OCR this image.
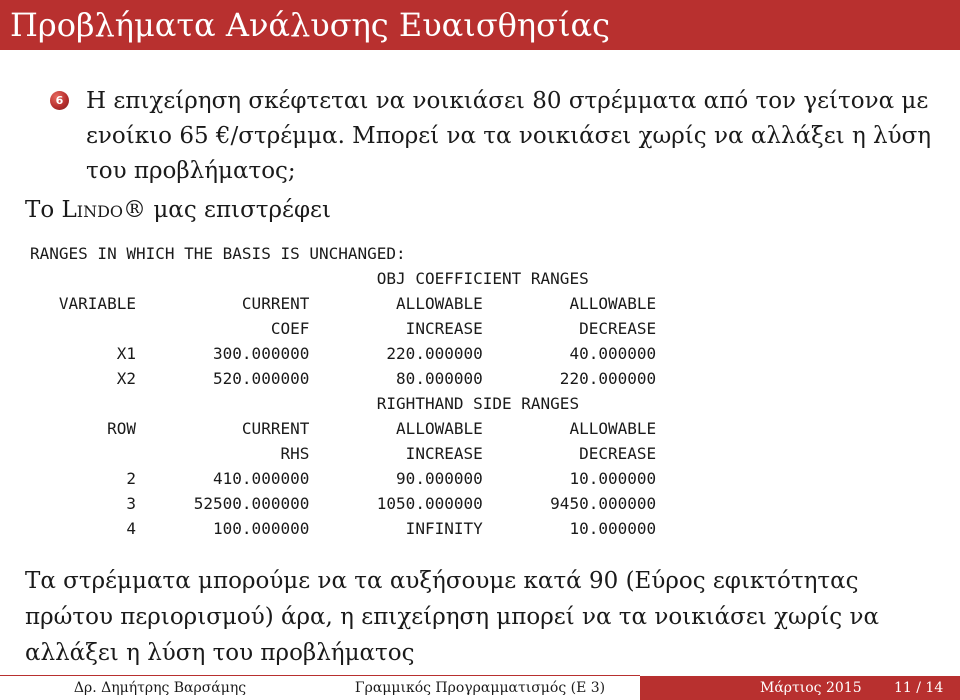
Προβλήματα Ανάλυσης Ευαισθησίας
6 Η επιχείρηση σκέφτεται να νοικιάσει 80 στρέμματα από τον γείτονα με ενοίκιο 65 €/στρέμμα. Μπορεί να τα νοικιάσει χωρίς να αλλάξει η λύση του προβλήματος;
Το Lindo® μας επιστρέφει
RANGES IN WHICH THE BASIS IS UNCHANGED:
OBJ COEFFICIENT RANGES
VARIABLE           CURRENT         ALLOWABLE         ALLOWABLE
COEF          INCREASE          DECREASE
X1        300.000000        220.000000         40.000000
X2        520.000000         80.000000        220.000000
RIGHTHAND SIDE RANGES
ROW           CURRENT         ALLOWABLE         ALLOWABLE
RHS          INCREASE          DECREASE
2        410.000000         90.000000         10.000000
3      52500.000000       1050.000000       9450.000000
4        100.000000          INFINITY         10.000000
Τα στρέμματα μπορούμε να τα αυξήσουμε κατά 90 (Εύρος εφικτότητας πρώτου περιορισμού) άρα, η επιχείρηση μπορεί να τα νοικιάσει χωρίς να αλλάξει η λύση του προβλήματος
Δρ. Δημήτρης Βαρσάμης	Γραμμικός Προγραμματισμός (Ε 3)	Μάρτιος 2015 11 / 14
